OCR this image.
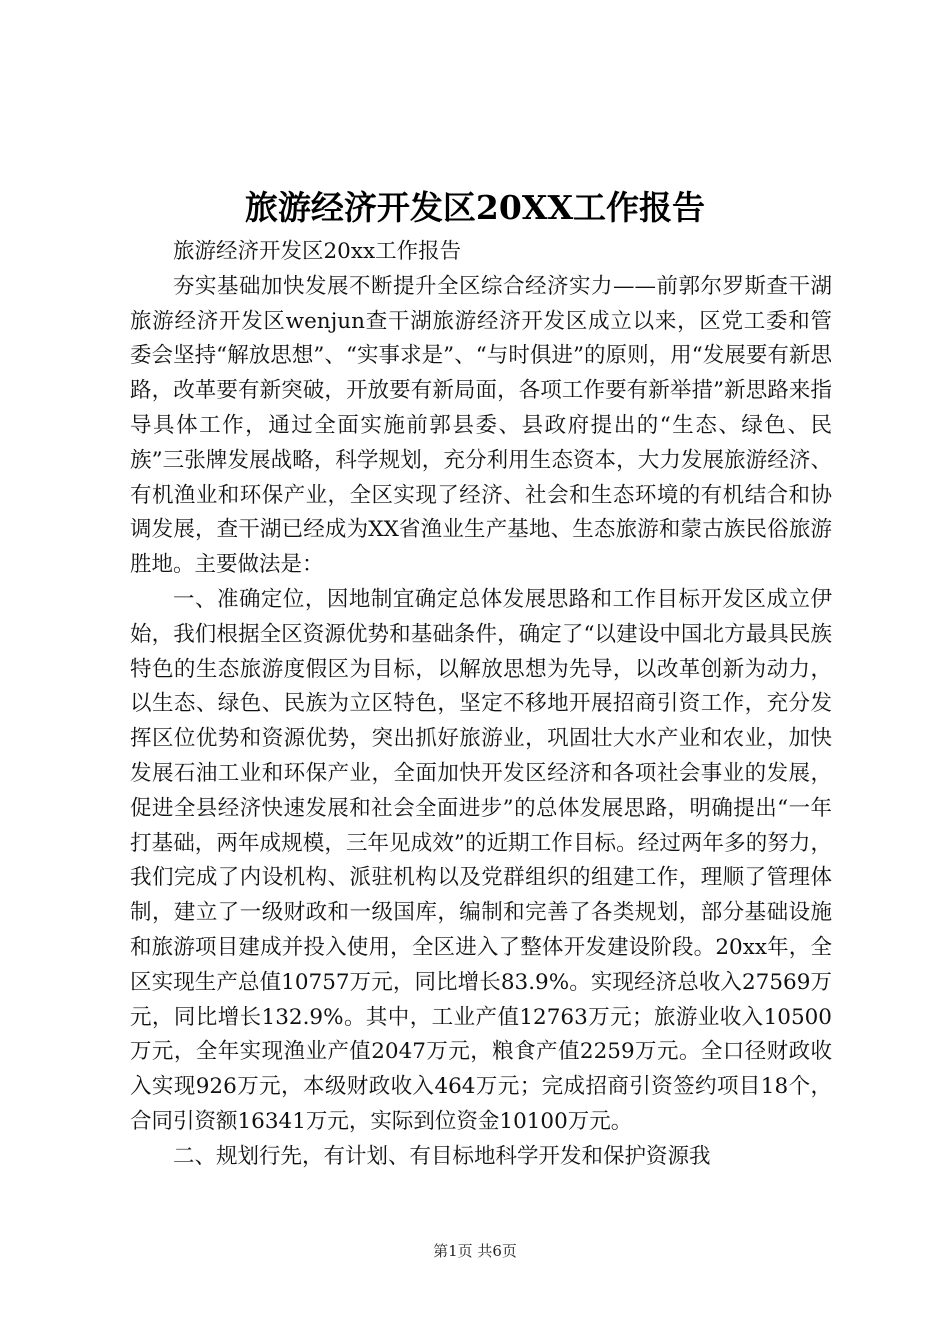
旅游经济开发区20XX工作报告

旅游经济开发区20xx工作报告

夯实基础加快发展不断提升全区综合经济实力——前郭尔罗斯查干湖旅游经济开发区wenjun查干湖旅游经济开发区成立以来，区党工委和管委会坚持“解放思想”、“实事求是”、“与时俱进”的原则，用“发展要有新思路，改革要有新突破，开放要有新局面，各项工作要有新举措”新思路来指导具体工作，通过全面实施前郭县委、县政府提出的“生态、绿色、民族”三张牌发展战略，科学规划，充分利用生态资本，大力发展旅游经济、有机渔业和环保产业，全区实现了经济、社会和生态环境的有机结合和协调发展，查干湖已经成为XX省渔业生产基地、生态旅游和蒙古族民俗旅游胜地。主要做法是：

一、准确定位，因地制宜确定总体发展思路和工作目标开发区成立伊始，我们根据全区资源优势和基础条件，确定了“以建设中国北方最具民族特色的生态旅游度假区为目标，以解放思想为先导，以改革创新为动力，以生态、绿色、民族为立区特色，坚定不移地开展招商引资工作，充分发挥区位优势和资源优势，突出抓好旅游业，巩固壮大水产业和农业，加快发展石油工业和环保产业，全面加快开发区经济和各项社会事业的发展，促进全县经济快速发展和社会全面进步”的总体发展思路，明确提出“一年打基础，两年成规模，三年见成效”的近期工作目标。经过两年多的努力，我们完成了内设机构、派驻机构以及党群组织的组建工作，理顺了管理体制，建立了一级财政和一级国库，编制和完善了各类规划，部分基础设施和旅游项目建成并投入使用，全区进入了整体开发建设阶段。20xx年，全区实现生产总值10757万元，同比增长83.9%。实现经济总收入27569万元，同比增长132.9%。其中，工业产值12763万元；旅游业收入10500万元，全年实现渔业产值2047万元，粮食产值2259万元。全口径财政收入实现926万元，本级财政收入464万元；完成招商引资签约项目18个，合同引资额16341万元，实际到位资金10100万元。

二、规划行先，有计划、有目标地科学开发和保护资源我

第1页 共6页
